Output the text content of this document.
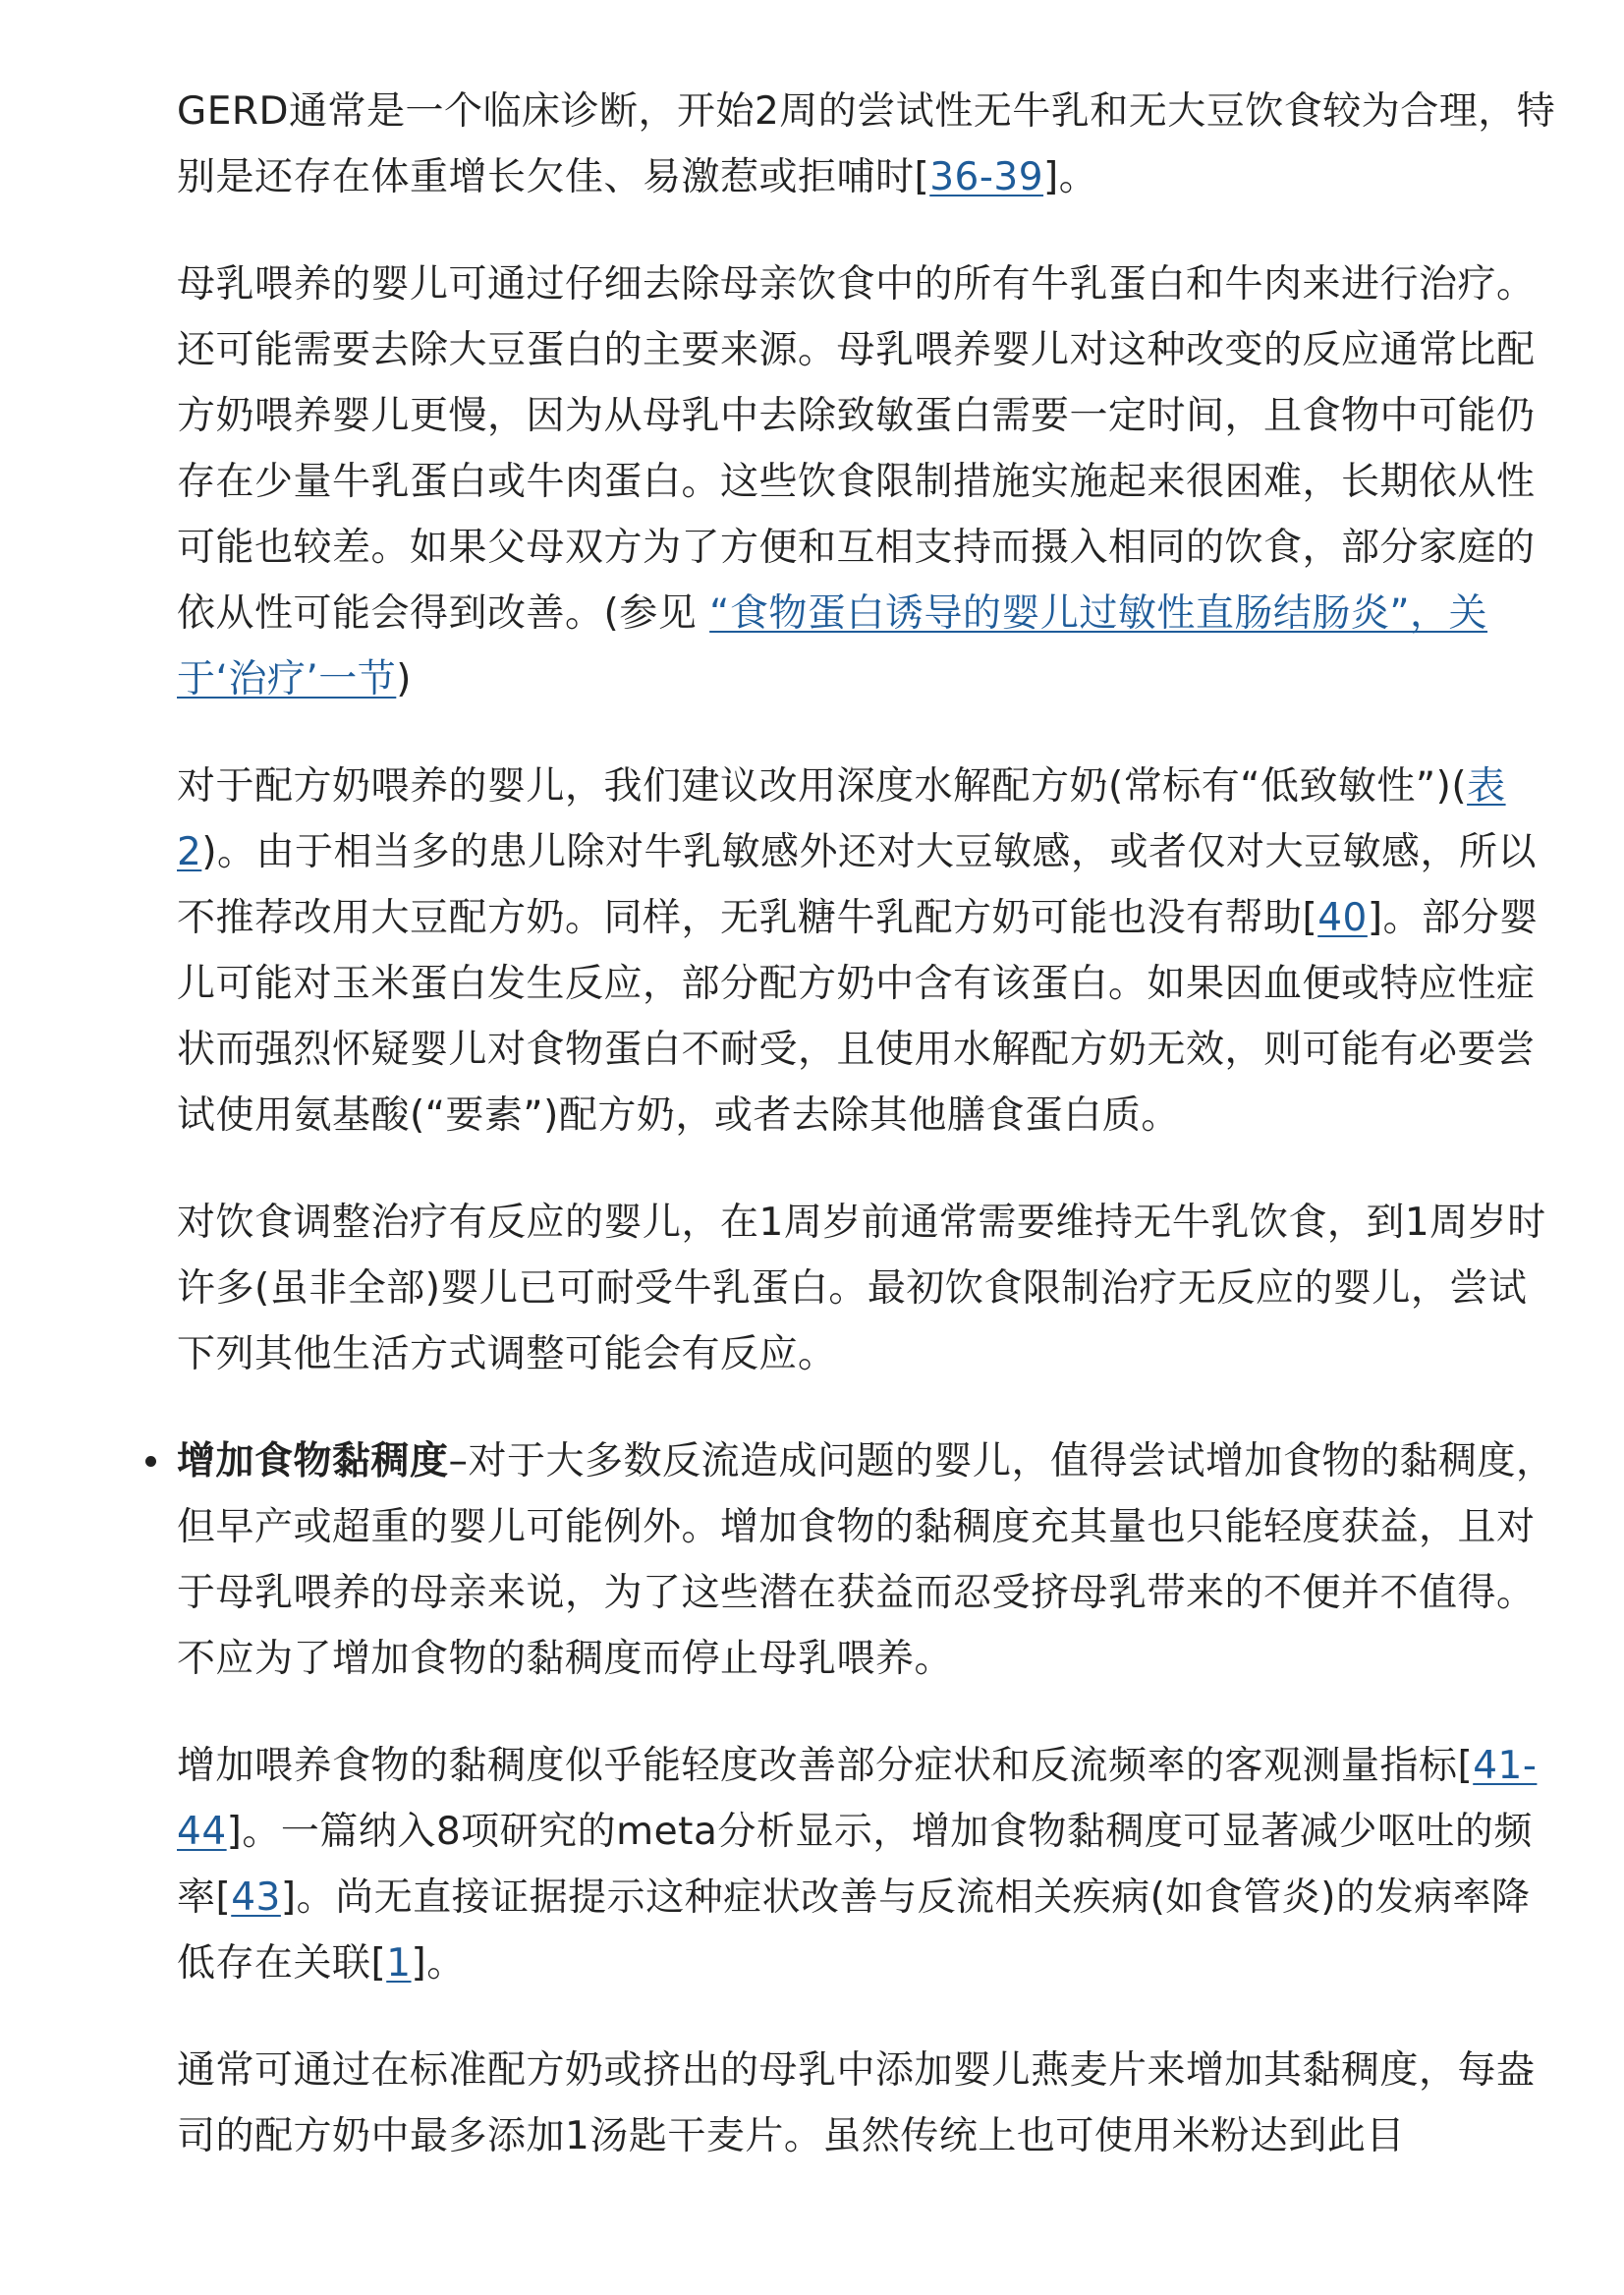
GERD通常是一个临床诊断，开始2周的尝试性无牛乳和无大豆饮食较为合理，特别是还存在体重增长欠佳、易激惹或拒哺时[36-39]。

母乳喂养的婴儿可通过仔细去除母亲饮食中的所有牛乳蛋白和牛肉来进行治疗。还可能需要去除大豆蛋白的主要来源。母乳喂养婴儿对这种改变的反应通常比配方奶喂养婴儿更慢，因为从母乳中去除致敏蛋白需要一定时间，且食物中可能仍存在少量牛乳蛋白或牛肉蛋白。这些饮食限制措施实施起来很困难，长期依从性可能也较差。如果父母双方为了方便和互相支持而摄入相同的饮食，部分家庭的依从性可能会得到改善。(参见 “食物蛋白诱导的婴儿过敏性直肠结肠炎”，关于‘治疗’一节)

对于配方奶喂养的婴儿，我们建议改用深度水解配方奶(常标有“低致敏性”)(表 2)。由于相当多的患儿除对牛乳敏感外还对大豆敏感，或者仅对大豆敏感，所以不推荐改用大豆配方奶。同样，无乳糖牛乳配方奶可能也没有帮助[40]。部分婴儿可能对玉米蛋白发生反应，部分配方奶中含有该蛋白。如果因血便或特应性症状而强烈怀疑婴儿对食物蛋白不耐受，且使用水解配方奶无效，则可能有必要尝试使用氨基酸(“要素”)配方奶，或者去除其他膳食蛋白质。

对饮食调整治疗有反应的婴儿，在1周岁前通常需要维持无牛乳饮食，到1周岁时许多(虽非全部)婴儿已可耐受牛乳蛋白。最初饮食限制治疗无反应的婴儿，尝试下列其他生活方式调整可能会有反应。

增加食物黏稠度–对于大多数反流造成问题的婴儿，值得尝试增加食物的黏稠度，但早产或超重的婴儿可能例外。增加食物的黏稠度充其量也只能轻度获益，且对于母乳喂养的母亲来说，为了这些潜在获益而忍受挤母乳带来的不便并不值得。不应为了增加食物的黏稠度而停止母乳喂养。

增加喂养食物的黏稠度似乎能轻度改善部分症状和反流频率的客观测量指标[41-44]。一篇纳入8项研究的meta分析显示，增加食物黏稠度可显著减少呕吐的频率[43]。尚无直接证据提示这种症状改善与反流相关疾病(如食管炎)的发病率降低存在关联[1]。

通常可通过在标准配方奶或挤出的母乳中添加婴儿燕麦片来增加其黏稠度，每盎司的配方奶中最多添加1汤匙干麦片。虽然传统上也可使用米粉达到此目
